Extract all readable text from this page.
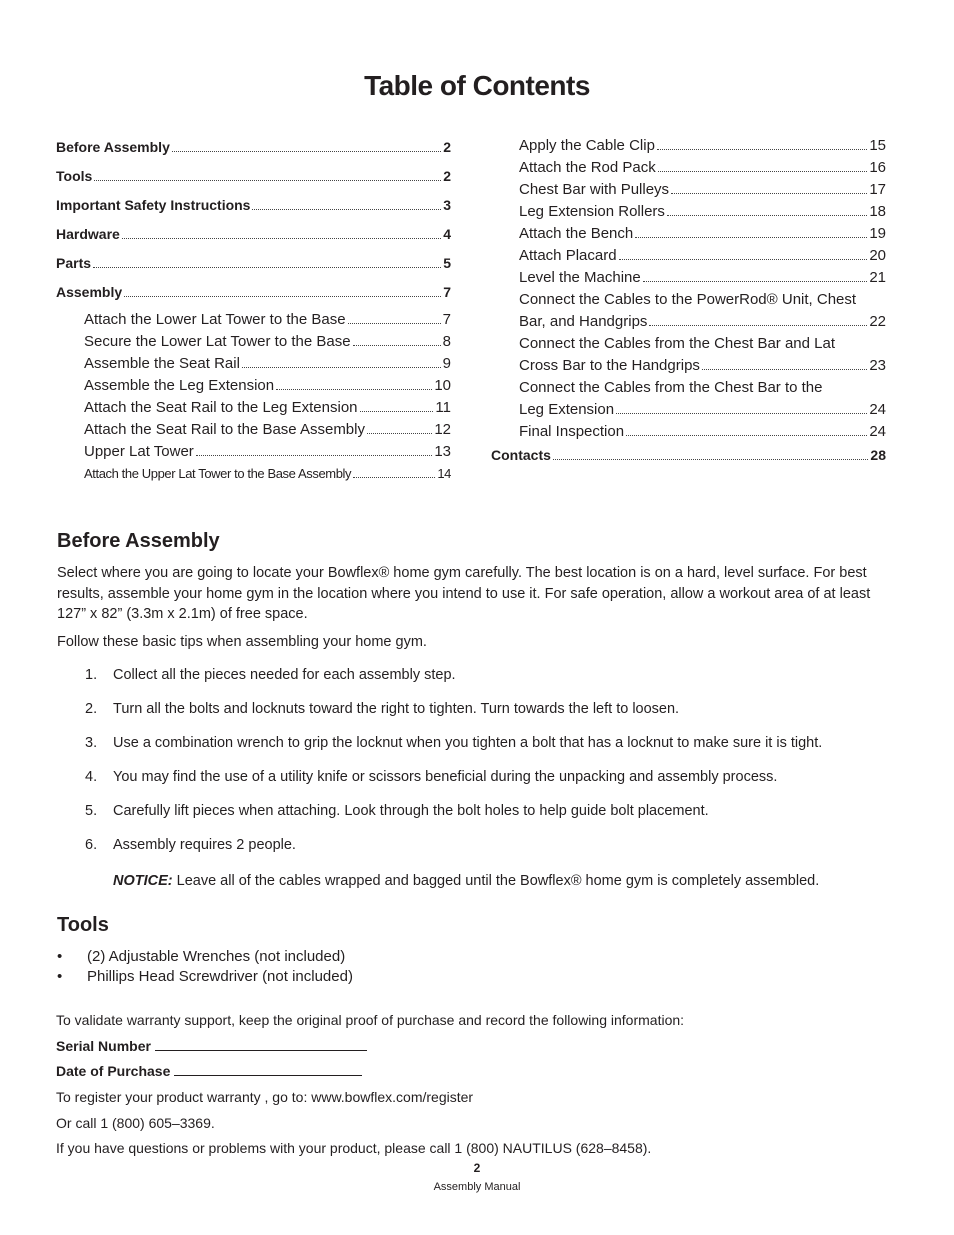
Table of Contents
Before Assembly	2
Tools	2
Important Safety Instructions	3
Hardware	4
Parts	5
Assembly	7
Attach the Lower Lat Tower to the Base	7
Secure the Lower Lat Tower to the Base	8
Assemble the Seat Rail	9
Assemble the Leg Extension	10
Attach the Seat Rail to the Leg Extension	11
Attach the Seat Rail to the Base Assembly	12
Upper Lat Tower	13
Attach the Upper Lat Tower to the Base Assembly	14
Apply the Cable Clip	15
Attach the Rod Pack	16
Chest Bar with Pulleys	17
Leg Extension Rollers	18
Attach the Bench	19
Attach Placard	20
Level the Machine	21
Connect the Cables to the PowerRod® Unit, Chest
Bar, and Handgrips	22
Connect the Cables from the Chest Bar and Lat
Cross Bar to the Handgrips	23
Connect the Cables from the Chest Bar to the
Leg Extension	24
Final Inspection	24
Contacts	28
Before Assembly

Select where you are going to locate your Bowflex® home gym carefully. The best location is on a hard, level surface. For best results, assemble your home gym in the location where you intend to use it. For safe operation, allow a workout area of at least 127” x 82” (3.3m x 2.1m) of free space.

Follow these basic tips when assembling your home gym.

1.	Collect all the pieces needed for each assembly step.
2.	Turn all the bolts and locknuts toward the right to tighten. Turn towards the left to loosen.
3.	Use a combination wrench to grip the locknut when you tighten a bolt that has a locknut to make sure it is tight.
4.	You may find the use of a utility knife or scissors beneficial during the unpacking and assembly process.
5.	Carefully lift pieces when attaching. Look through the bolt holes to help guide bolt placement.
6.	Assembly requires 2 people.

NOTICE: Leave all of the cables wrapped and bagged until the Bowflex® home gym is completely assembled.

Tools
•	(2) Adjustable Wrenches (not included)
•	Phillips Head Screwdriver (not included)

To validate warranty support, keep the original proof of purchase and record the following information:

Serial Number

Date of Purchase

To register your product warranty , go to: www.bowflex.com/register

Or call 1 (800) 605–3369.

If you have questions or problems with your product, please call 1 (800) NAUTILUS (628–8458).

2
Assembly Manual
